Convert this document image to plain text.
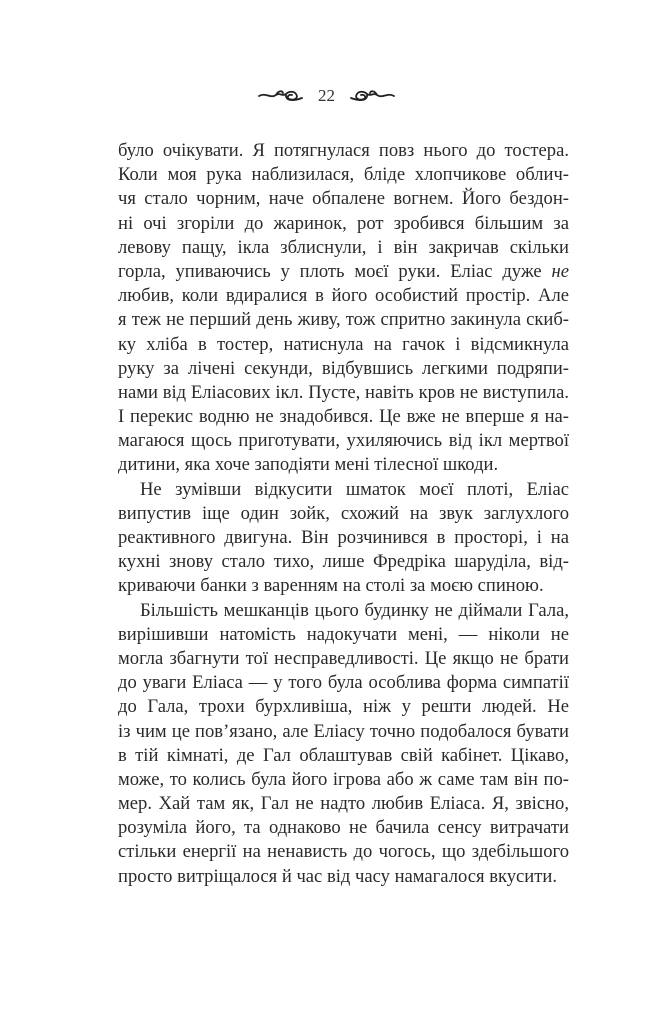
22
було очікувати. Я потягнулася повз нього до тостера.
Коли моя рука наблизилася, бліде хлопчикове облич-
чя стало чорним, наче обпалене вогнем. Його бездон-
ні очі згоріли до жаринок, рот зробився більшим за
левову пащу, ікла зблиснули, і він закричав скільки
горла, упиваючись у плоть моєї руки. Еліас дуже не
любив, коли вдиралися в його особистий простір. Але
я теж не перший день живу, тож спритно закинула скиб-
ку хліба в тостер, натиснула на гачок і відсмикнула
руку за лічені секунди, відбувшись легкими подряпи-
нами від Еліасових ікл. Пусте, навіть кров не виступила.
І перекис водню не знадобився. Це вже не вперше я на-
магаюся щось приготувати, ухиляючись від ікл мертвої
дитини, яка хоче заподіяти мені тілесної шкоди.
Не зумівши відкусити шматок моєї плоті, Еліас
випустив іще один зойк, схожий на звук заглухлого
реактивного двигуна. Він розчинився в просторі, і на
кухні знову стало тихо, лише Фредріка шаруділа, від-
криваючи банки з варенням на столі за моєю спиною.
Більшість мешканців цього будинку не діймали Гала,
вирішивши натомість надокучати мені, — ніколи не
могла збагнути тої несправедливості. Це якщо не брати
до уваги Еліаса — у того була особлива форма симпатії
до Гала, трохи бурхливіша, ніж у решти людей. Не
із чим це пов’язано, але Еліасу точно подобалося бувати
в тій кімнаті, де Гал облаштував свій кабінет. Цікаво,
може, то колись була його ігрова або ж саме там він по-
мер. Хай там як, Гал не надто любив Еліаса. Я, звісно,
розуміла його, та однаково не бачила сенсу витрачати
стільки енергії на ненависть до чогось, що здебільшого
просто витріщалося й час від часу намагалося вкусити.
